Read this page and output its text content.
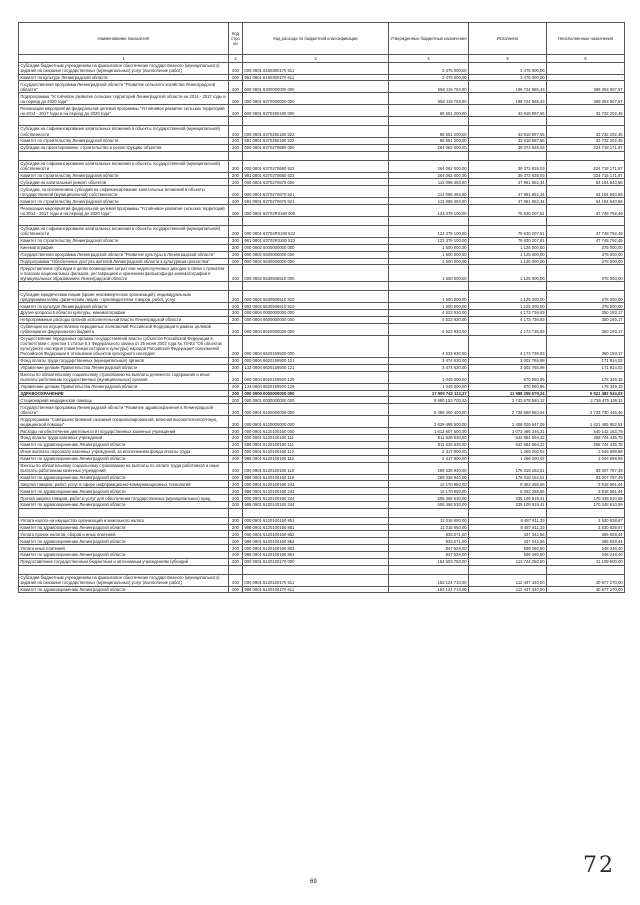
Наименование показателя	Код стро ки	Код расхода по бюджетной классификации	Утвержденные бюджетные назначения	Исполнено	Неисполненные назначения
1	2	3	4	5	6
Субсидии бюджетным учреждениям на финансовое обеспечение государственного (муниципального) задания на оказание государственных (муниципальных) услуг (выполнение работ)	200	000 0801 6160300170 611	3 475 000,00	3 475 000,00	-
Комитет по культуре Ленинградской области	200	962 0801 6160300170 611	3 475 000,00	3 475 000,00	-
Государственная программа Ленинградской области "Развитие сельского хозяйства Ленинградской области"	200	000 0801 6300000000 000	556 116 762,00	196 724 965,43	369 393 807,57
Подпрограмма "Устойчивое развитие сельских территорий Ленинградской области на 2014 - 2017 годы и на период до 2020 года"	200	000 0801 6370000000 000	566 118 762,00	196 724 965,43	369 393 807,57
Реализация мероприятий федеральной целевой программы "Устойчивое развитие сельских территорий на 2014 - 2017 годы и на период до 2020 года"	200	000 0801 6370250180 000	66 551 200,00	33 818 997,55	32 732 202,45

Субсидии на софинансирование капитальных вложений в объекты государственной (муниципальной) собственности	200	000 0801 6370250180 522	66 551 200,00	33 818 997,55	32 732 202,45
Комитет по строительству Ленинградской области	200	981 0801 6370250180 522	66 551 200,00	33 818 997,55	32 732 202,45
Субсидии на проектирование, строительство и реконструкцию объектов	200	000 0801 6370270680 000	264 062 000,00	39 373 828,03	224 718 171,97

Субсидии на софинансирование капитальных вложений в объекты государственной (муниципальной) собственности	200	000 0801 6370270680 522	264 062 000,00	39 373 828,03	224 718 171,97
Комитет по строительству Ленинградской области	200	981 0801 6370270680 522	264 062 000,00	39 373 828,03	224 718 171,97
Субсидии на капитальный ремонт объектов	200	000 0801 6370270670 000	112 096 493,00	47 961 852,34	64 194 640,66
Субсидии, за исключением субсидий на софинансирование капитальных вложений в объекты государственной (муниципальной) собственности	200	000 0801 6370270670 521	112 096 493,00	47 961 852,34	64 194 640,66
Комитет по строительству Ленинградской области	200	981 0801 6370270670 521	112 096 493,00	47 961 852,34	64 194 640,66
Реализация мероприятий федеральной целевой программы "Устойчивое развитие сельских территорий на 2014 - 2017 годы и на период до 2020 года"	200	000 0801 63702R0180 000	123 379 100,00	75 630 207,51	47 748 792,49

Субсидии на софинансирование капитальных вложений в объекты государственной (муниципальной) собственности	200	000 0801 63702R0180 522	123 379 100,00	75 630 207,51	47 748 792,49
Комитет по строительству Ленинградской области	200	981 0801 63702R0180 522	123 379 100,00	75 630 207,51	47 748 792,49
Кинематография	200	000 0802 0000000000 000	1 500 000,00	1 125 000,00	375 000,00
Государственная программа Ленинградской области "Развитие культуры в Ленинградской области"	200	000 0802 5500000000 000	1 500 000,00	1 125 000,00	375 000,00
Подпрограмма "Обеспечение доступа жителей Ленинградской области к культурным ценностям"	200	000 0802 5530000000 000	1 500 000,00	1 125 000,00	375 000,00
Предоставление субсидии в целях возмещения затрат или недополученных доходов в связи с прокатом и показом национальных фильмов, реставрацией и хранением фильмофонда кинематографии в муниципальных образованиях Ленинградской области	200	000 0802 5530506510 000	1 500 000,00	1 125 000,00	375 000,00

Субсидии юридическим лицам (кроме некоммерческих организаций), индивидуальным предпринимателям, физическим лицам - производителям товаров, работ, услуг	200	000 0802 5530506510 810	1 500 000,00	1 125 000,00	375 000,00
Комитет по культуре Ленинградской области	200	962 0802 5530506510 810	1 500 000,00	1 125 000,00	375 000,00
Другие вопросы в области культуры, кинематографии	200	000 0804 0000000000 000	4 523 930,00	4 173 736,83	350 193,17
Непрограммные расходы органов исполнительной власти Ленинградской области	200	000 0804 6600000000 000	4 523 930,00	4 173 736,83	350 193,17
Субвенции на осуществление переданных полномочий Российской Федерации в рамках целевой субвенции из федерального бюджета	200	000 0804 6620000000 000	4 523 930,00	4 173 736,83	350 193,17
Осуществление переданных органам государственной власти субъектов Российской Федерации в соответствии с пунктом 1 статьи 9.1 Федерального закона от 25 июня 2002 года № 73-ФЗ "Об объектах культурного наследия (памятниках истории и культуры) народов Российской Федерации" полномочий Российской Федерации в отношении объектов культурного наследия	200	000 0804 6620159500 000	4 523 930,00	4 173 736,83	350 193,17
Фонд оплаты труда государственных (муниципальных) органов	200	000 0804 6620159500 121	3 474 630,00	3 002 765,98	171 814,02
Управление делами Правительства Ленинградской области	200	133 0804 6620159500 121	3 474 630,00	3 002 765,98	171 814,02
Взносы по обязательному социальному страхованию на выплаты денежного содержания и иные выплаты работникам государственных (муниципальных) органов	200	000 0804 6620159500 129	1 049 300,00	870 950,85	178 349,15
Управление делами Правительства Ленинградской области	200	133 0804 6620159500 129	1 049 300,00	870 950,85	178 349,15
ЗДРАВООХРАНЕНИЕ	200	000 0900 0000000000 000	17 509 742 113,27	11 988 259 579,24	5 521 482 534,03
Стационарная медицинская помощь	200	000 0901 0000000000 000	6 680 153 700,23	2 743 678 584,12	2 736 475 136,11
Государственная программа Ленинградской области "Развитие здравоохранения в Ленинградской области"	200	000 0901 5100000000 000	5 469 400 400,00	2 735 669 953,54	2 733 730 446,46
Подпрограмма "Совершенствование оказания специализированной, включая высокотехнологичную, медицинской помощи"	200	000 0901 5120000000 000	3 829 495 500,00	2 408 029 647,09	1 421 465 852,91
Расходы на обеспечение деятельности государственных казенных учреждений	200	000 0901 5120100160 000	1 613 607 500,00	1 073 465 346,21	540 142 153,79
Фонд оплаты труда казенных учреждений	200	000 0901 5120100160 111	811 626 630,00	542 884 594,22	268 744 435,78
Комитет по здравоохранению Ленинградской области	200	988 0901 5120100160 111	811 626 630,00	542 884 594,22	268 744 435,78
Иные выплаты персоналу казенных учреждений, за исключением фонда оплаты труда	200	000 0901 5120100160 112	2 317 900,00	1 268 200,02	1 049 699,98
Комитет по здравоохранению Ленинградской области	200	988 0901 5120100160 112	2 317 900,00	1 268 200,02	1 049 699,98
Взносы по обязательному социальному страхованию на выплаты по оплате труда работников и иные выплаты работникам казенных учреждений	200	000 0901 5120100160 119	269 326 940,00	176 319 152,51	93 007 787,49
Комитет по здравоохранению Ленинградской области	200	988 0901 5120100160 119	269 326 940,00	176 319 152,51	93 007 787,49
Закупка товаров, работ, услуг в сфере информационно-коммуникационных технологий	200	000 0901 5120100160 242	12 170 850,00	8 352 258,56	3 818 591,44
Комитет по здравоохранению Ленинградской области	200	988 0901 5120100160 242	12 170 850,00	8 352 258,56	3 818 591,44
Прочая закупка товаров, работ и услуг для обеспечения государственных (муниципальных) нужд	200	000 0901 5120100160 244	505 468 530,00	335 109 919,41	170 348 610,59
Комитет по здравоохранению Ленинградской области	200	988 0901 5120100160 244	505 468 530,00	335 109 919,41	170 348 610,59

Уплата налога на имущество организаций и земельного налога	200	000 0901 5120100160 851	11 018 650,00	8 487 811,33	2 530 838,67
Комитет по здравоохранению Ленинградской области	200	988 0901 5120100160 851	11 018 650,00	8 487 811,33	2 530 838,67
Уплата прочих налогов, сборов и иных платежей	200	000 0901 5120100160 852	833 271,00	437 342,56	395 928,44
Комитет по здравоохранению Ленинградской области	200	988 0901 5120100160 852	833 271,00	437 342,56	395 928,44
Уплата иных платежей	200	000 0901 5120100160 853	847 529,00	599 280,60	248 248,40
Комитет по здравоохранению Ленинградской области	200	988 0901 5120100160 853	847 529,00	599 280,60	248 248,40
Предоставление государственным бюджетным и автономным учреждениям субсидий	200	000 0901 5120100170 000	154 603 750,00	113 744 250,00	41 109 500,00

Субсидии бюджетным учреждениям на финансовое обеспечение государственного (муниципального) задания на оказание государственных (муниципальных) услуг (выполнение работ)	200	000 0901 5120100170 611	153 124 710,00	112 447 440,00	40 677 270,00
Комитет по здравоохранению Ленинградской области	200	988 0901 5120100170 611	153 124 710,00	112 447 440,00	40 677 270,00
69
72
